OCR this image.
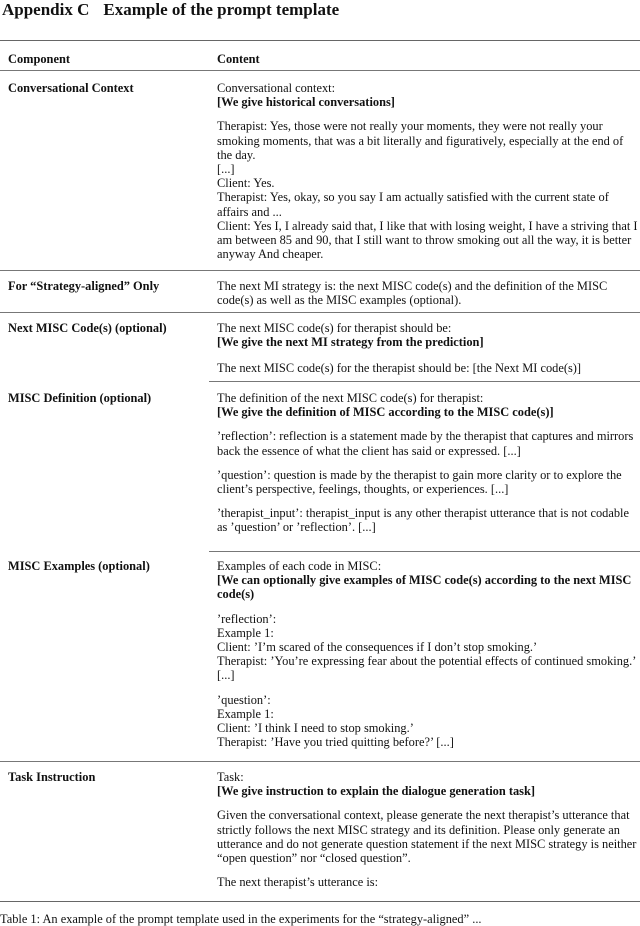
Appendix C Example of the prompt template
Component	Content
Conversational Context	Conversational context:

[We give historical conversations]

Therapist: Yes, those were not really your moments, they were not really your smoking moments, that was a bit literally and figuratively, especially at the end of the day.

[...]

Client: Yes.

Therapist: Yes, okay, so you say I am actually satisfied with the current state of affairs and ...

Client: Yes I, I already said that, I like that with losing weight, I have a striving that I am between 85 and 90, that I still want to throw smoking out all the way, it is better anyway And cheaper.

For “Strategy-aligned” Only	The next MI strategy is: the next MISC code(s) and the definition of the MISC code(s) as well as the MISC examples (optional).

Next MISC Code(s) (optional)	The next MISC code(s) for therapist should be:

[We give the next MI strategy from the prediction]

The next MISC code(s) for the therapist should be: [the Next MI code(s)]

MISC Definition (optional)	The definition of the next MISC code(s) for therapist:

[We give the definition of MISC according to the MISC code(s)]

’reflection’: reflection is a statement made by the therapist that captures and mirrors back the essence of what the client has said or expressed. [...]

’question’: question is made by the therapist to gain more clarity or to explore the client’s perspective, feelings, thoughts, or experiences. [...]

’therapist_input’: therapist_input is any other therapist utterance that is not codable as ’question’ or ’reflection’. [...]

MISC Examples (optional)	Examples of each code in MISC:

[We can optionally give examples of MISC code(s) according to the next MISC code(s)

’reflection’:

Example 1:

Client: ’I’m scared of the consequences if I don’t stop smoking.’

Therapist: ’You’re expressing fear about the potential effects of continued smoking.’ [...]

’question’:

Example 1:

Client: ’I think I need to stop smoking.’

Therapist: ’Have you tried quitting before?’ [...]

Task Instruction	Task:

[We give instruction to explain the dialogue generation task]

Given the conversational context, please generate the next therapist’s utterance that strictly follows the next MISC strategy and its definition. Please only generate an utterance and do not generate question statement if the next MISC strategy is neither “open question” nor “closed question”.

The next therapist’s utterance is:

Table 1: An example of the prompt template used in the experiments for the “strategy-aligned” ...
